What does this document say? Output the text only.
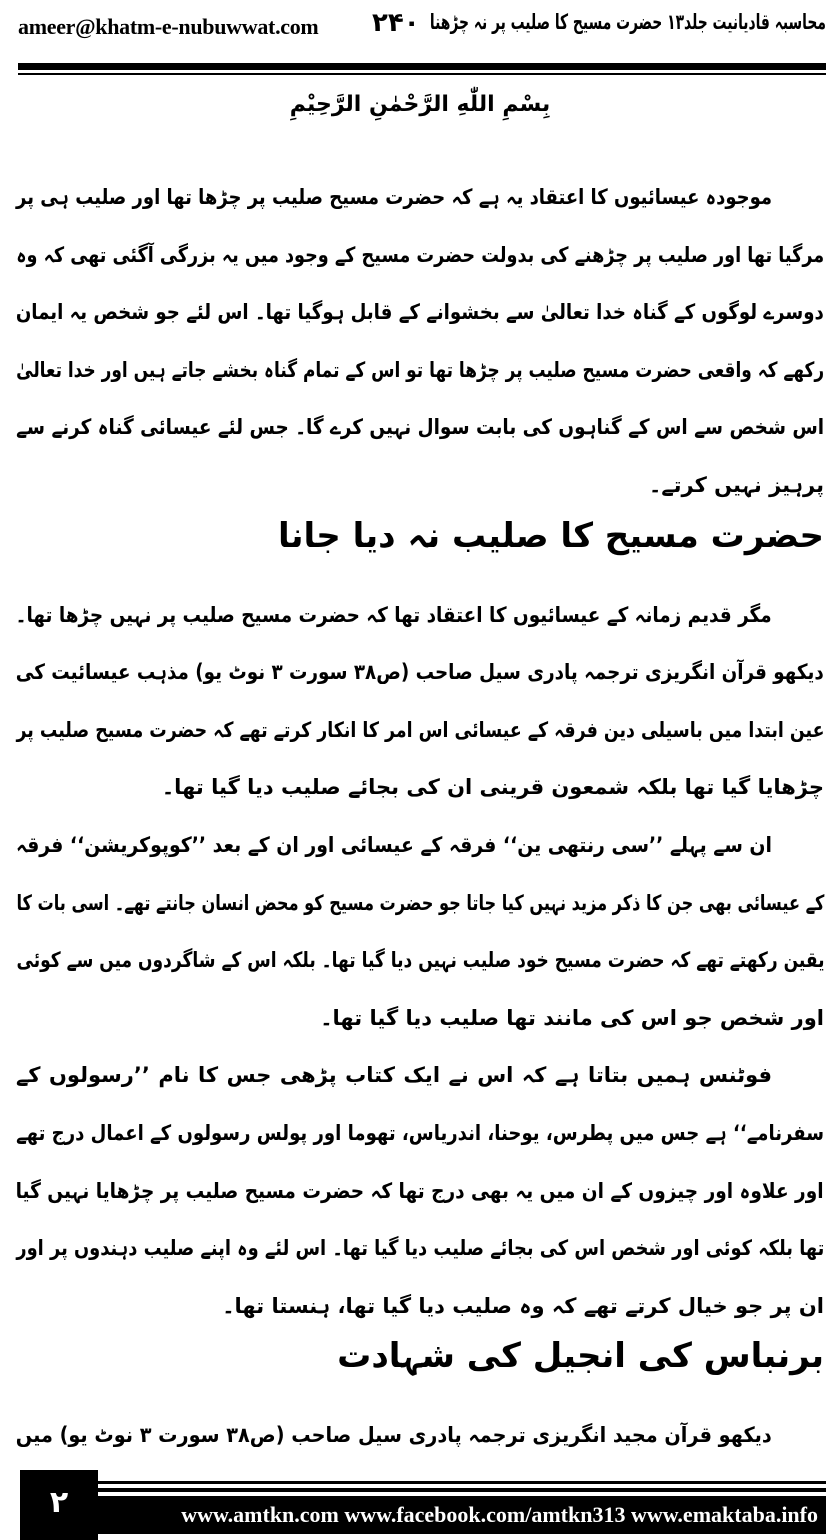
ameer@khatm-e-nubuwwat.com ۲۴۰ محاسبہ قادیانیت جلد۱۳ حضرت مسیح کا صلیب پر نہ چڑھنا
بِسْمِ اللّٰهِ الرَّحْمٰنِ الرَّحِيْمِ
موجودہ عیسائیوں کا اعتقاد یہ ہے کہ حضرت مسیح صلیب پر چڑھا تھا اور صلیب ہی پر
مرگیا تھا اور صلیب پر چڑھنے کی بدولت حضرت مسیح کے وجود میں یہ بزرگی آگئی تھی کہ وہ
دوسرے لوگوں کے گناہ خدا تعالیٰ سے بخشوانے کے قابل ہوگیا تھا۔ اس لئے جو شخص یہ ایمان
رکھے کہ واقعی حضرت مسیح صلیب پر چڑھا تھا تو اس کے تمام گناہ بخشے جاتے ہیں اور خدا تعالیٰ
اس شخص سے اس کے گناہوں کی بابت سوال نہیں کرے گا۔ جس لئے عیسائی گناہ کرنے سے
پرہیز نہیں کرتے۔
حضرت مسیح کا صلیب نہ دیا جانا
مگر قدیم زمانہ کے عیسائیوں کا اعتقاد تھا کہ حضرت مسیح صلیب پر نہیں چڑھا تھا۔
دیکھو قرآن انگریزی ترجمہ پادری سیل صاحب (ص۳۸ سورت ۳ نوٹ یو) مذہب عیسائیت کی
عین ابتدا میں باسیلی دین فرقہ کے عیسائی اس امر کا انکار کرتے تھے کہ حضرت مسیح صلیب پر
چڑھایا گیا تھا بلکہ شمعون قرینی ان کی بجائے صلیب دیا گیا تھا۔
ان سے پہلے ’’سی رنتھی ین‘‘ فرقہ کے عیسائی اور ان کے بعد ’’کوپوکریشن‘‘ فرقہ
کے عیسائی بھی جن کا ذکر مزید نہیں کیا جاتا جو حضرت مسیح کو محض انسان جانتے تھے۔ اسی بات کا
یقین رکھتے تھے کہ حضرت مسیح خود صلیب نہیں دیا گیا تھا۔ بلکہ اس کے شاگردوں میں سے کوئی
اور شخص جو اس کی مانند تھا صلیب دیا گیا تھا۔
فوٹنس ہمیں بتاتا ہے کہ اس نے ایک کتاب پڑھی جس کا نام ’’رسولوں کے
سفرنامے‘‘ ہے جس میں پطرس، یوحنا، اندریاس، تھوما اور پولس رسولوں کے اعمال درج تھے
اور علاوہ اور چیزوں کے ان میں یہ بھی درج تھا کہ حضرت مسیح صلیب پر چڑھایا نہیں گیا
تھا بلکہ کوئی اور شخص اس کی بجائے صلیب دیا گیا تھا۔ اس لئے وہ اپنے صلیب دہندوں پر اور
ان پر جو خیال کرتے تھے کہ وہ صلیب دیا گیا تھا، ہنستا تھا۔
برنباس کی انجیل کی شہادت
دیکھو قرآن مجید انگریزی ترجمہ پادری سیل صاحب (ص۳۸ سورت ۳ نوٹ یو) میں
۲	www.amtkn.com www.facebook.com/amtkn313 www.emaktaba.info
